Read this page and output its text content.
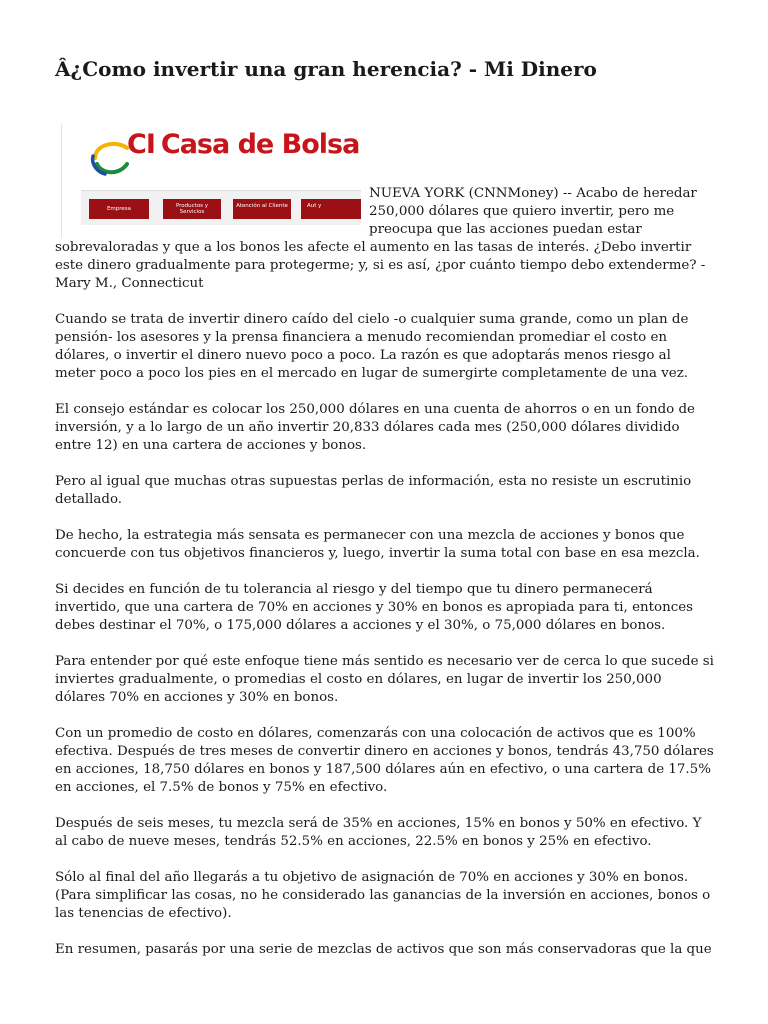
Â¿Como invertir una gran herencia? - Mi Dinero
CI Casa de Bolsa
Empresa	Productos y Servicios
Atención al Cliente	Aut y

NUEVA YORK (CNNMoney) -- Acabo de heredar 250,000 dólares que quiero invertir, pero me preocupa que las acciones puedan estar sobrevaloradas y que a los bonos les afecte el aumento en las tasas de interés. ¿Debo invertir este dinero gradualmente para protegerme; y, si es así, ¿por cuánto tiempo debo extenderme? - Mary M., Connecticut

Cuando se trata de invertir dinero caído del cielo -o cualquier suma grande, como un plan de pensión- los asesores y la prensa financiera a menudo recomiendan promediar el costo en dólares, o invertir el dinero nuevo poco a poco. La razón es que adoptarás menos riesgo al meter poco a poco los pies en el mercado en lugar de sumergirte completamente de una vez.

El consejo estándar es colocar los 250,000 dólares en una cuenta de ahorros o en un fondo de inversión, y a lo largo de un año invertir 20,833 dólares cada mes (250,000 dólares dividido entre 12) en una cartera de acciones y bonos.

Pero al igual que muchas otras supuestas perlas de información, esta no resiste un escrutinio detallado.

De hecho, la estrategia más sensata es permanecer con una mezcla de acciones y bonos que concuerde con tus objetivos financieros y, luego, invertir la suma total con base en esa mezcla.

Si decides en función de tu tolerancia al riesgo y del tiempo que tu dinero permanecerá invertido, que una cartera de 70% en acciones y 30% en bonos es apropiada para ti, entonces debes destinar el 70%, o 175,000 dólares a acciones y el 30%, o 75,000 dólares en bonos.

Para entender por qué este enfoque tiene más sentido es necesario ver de cerca lo que sucede si inviertes gradualmente, o promedias el costo en dólares, en lugar de invertir los 250,000 dólares 70% en acciones y 30% en bonos.

Con un promedio de costo en dólares, comenzarás con una colocación de activos que es 100% efectiva. Después de tres meses de convertir dinero en acciones y bonos, tendrás 43,750 dólares en acciones, 18,750 dólares en bonos y 187,500 dólares aún en efectivo, o una cartera de 17.5% en acciones, el 7.5% de bonos y 75% en efectivo.

Después de seis meses, tu mezcla será de 35% en acciones, 15% en bonos y 50% en efectivo. Y al cabo de nueve meses, tendrás 52.5% en acciones, 22.5% en bonos y 25% en efectivo.

Sólo al final del año llegarás a tu objetivo de asignación de 70% en acciones y 30% en bonos. (Para simplificar las cosas, no he considerado las ganancias de la inversión en acciones, bonos o las tenencias de efectivo).

En resumen, pasarás por una serie de mezclas de activos que son más conservadoras que la que
